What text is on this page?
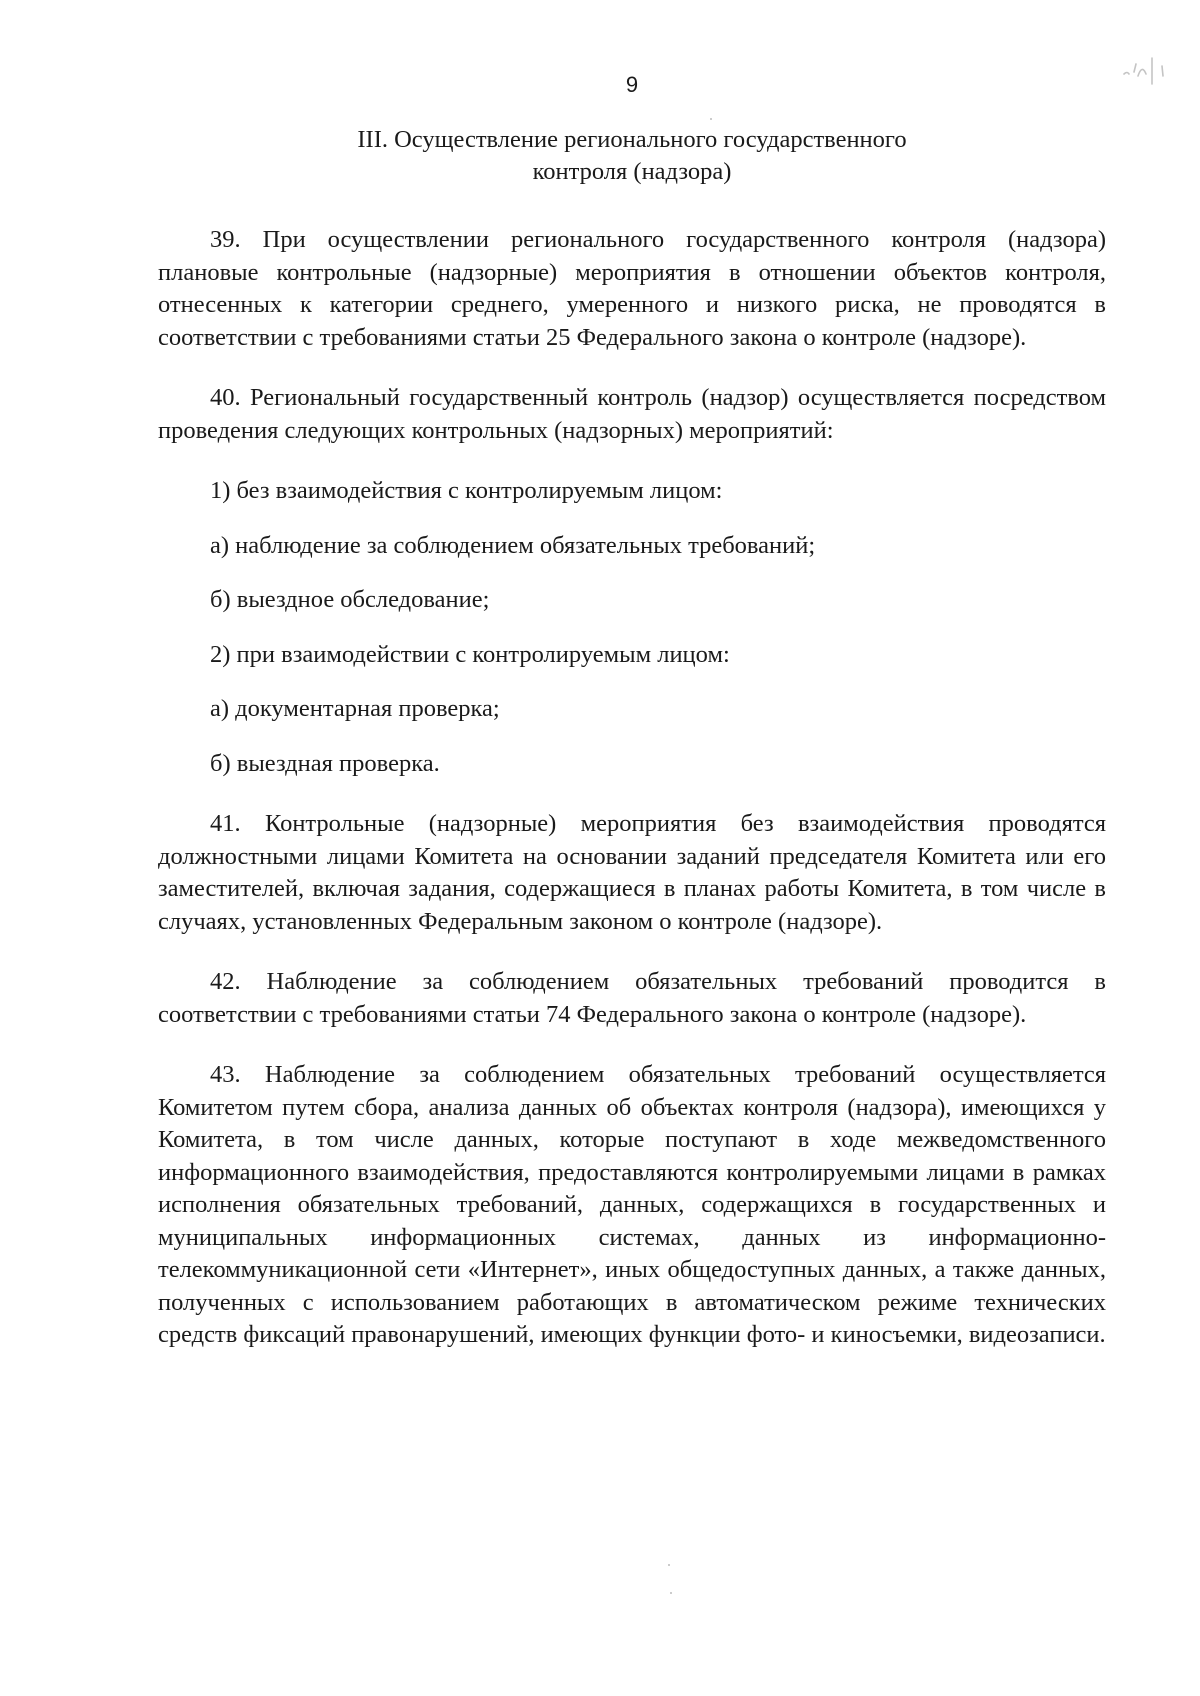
9
III. Осуществление регионального государственного
контроля (надзора)

39. При осуществлении регионального государственного контроля (надзора) плановые контрольные (надзорные) мероприятия в отношении объектов контроля, отнесенных к категории среднего, умеренного и низкого риска, не проводятся в соответствии с требованиями статьи 25 Федерального закона о контроле (надзоре).

40. Региональный государственный контроль (надзор) осуществляется посредством проведения следующих контрольных (надзорных) мероприятий:

1) без взаимодействия с контролируемым лицом:

а) наблюдение за соблюдением обязательных требований;

б) выездное обследование;

2) при взаимодействии с контролируемым лицом:

а) документарная проверка;

б) выездная проверка.

41. Контрольные (надзорные) мероприятия без взаимодействия проводятся должностными лицами Комитета на основании заданий председателя Комитета или его заместителей, включая задания, содержащиеся в планах работы Комитета, в том числе в случаях, установленных Федеральным законом о контроле (надзоре).

42. Наблюдение за соблюдением обязательных требований проводится в соответствии с требованиями статьи 74 Федерального закона о контроле (надзоре).

43. Наблюдение за соблюдением обязательных требований осуществляется Комитетом путем сбора, анализа данных об объектах контроля (надзора), имеющихся у Комитета, в том числе данных, которые поступают в ходе межведомственного информационного взаимодействия, предоставляются контролируемыми лицами в рамках исполнения обязательных требований, данных, содержащихся в государственных и муниципальных информационных системах, данных из информационно-телекоммуникационной сети «Интернет», иных общедоступных данных, а также данных, полученных с использованием работающих в автоматическом режиме технических средств фиксаций правонарушений, имеющих функции фото- и киносъемки, видеозаписи.
